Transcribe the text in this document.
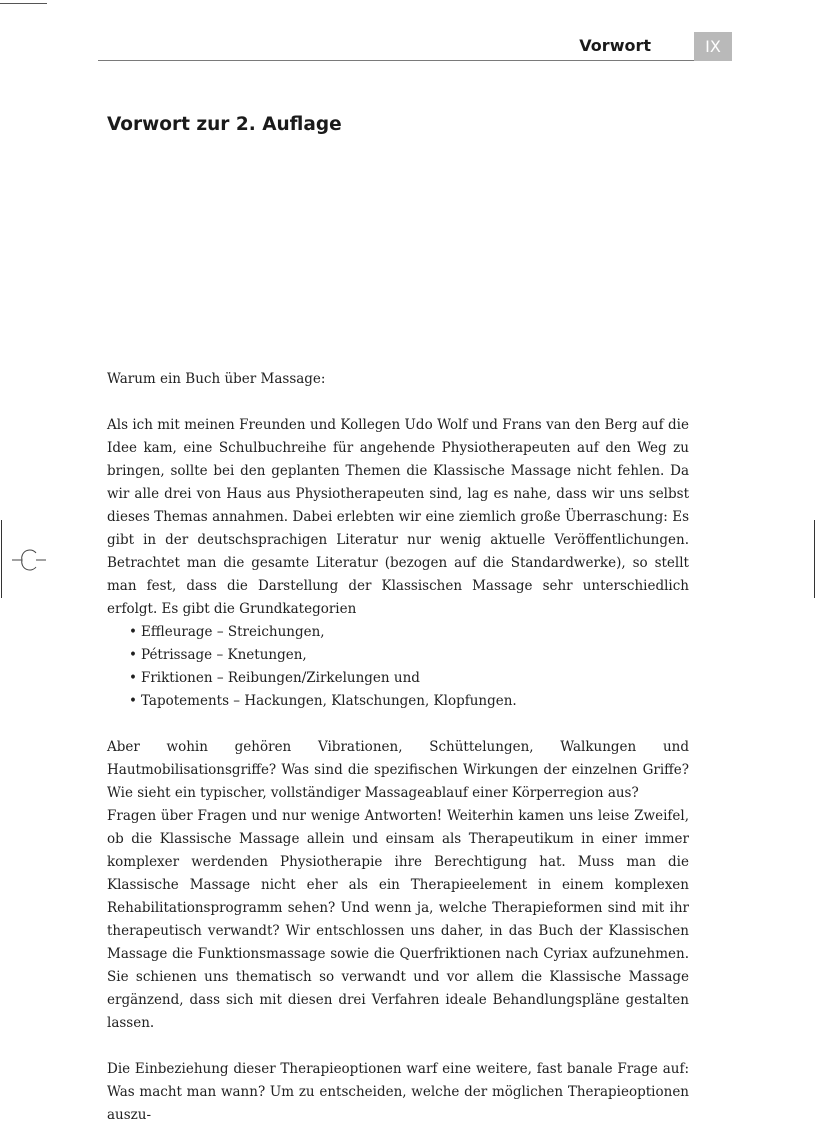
Vorwort	IX
Vorwort zur 2. Auflage

Warum ein Buch über Massage:

Als ich mit meinen Freunden und Kollegen Udo Wolf und Frans van den Berg auf die Idee kam, eine Schulbuchreihe für angehende Physiotherapeuten auf den Weg zu bringen, sollte bei den geplanten Themen die Klassische Massage nicht fehlen. Da wir alle drei von Haus aus Physiotherapeuten sind, lag es nahe, dass wir uns selbst dieses Themas annahmen. Dabei erlebten wir eine ziemlich große Überraschung: Es gibt in der deutschsprachigen Literatur nur wenig aktuelle Veröffentlichungen. Betrachtet man die gesamte Literatur (bezogen auf die Standardwerke), so stellt man fest, dass die Darstellung der Klassischen Massage sehr unterschiedlich erfolgt. Es gibt die Grundkategorien

• Effleurage – Streichungen,
• Pétrissage – Knetungen,
• Friktionen – Reibungen/Zirkelungen und
• Tapotements – Hackungen, Klatschungen, Klopfungen.

Aber wohin gehören Vibrationen, Schüttelungen, Walkungen und Hautmobilisationsgriffe? Was sind die spezifischen Wirkungen der einzelnen Griffe? Wie sieht ein typischer, vollständiger Massageablauf einer Körperregion aus?

Fragen über Fragen und nur wenige Antworten! Weiterhin kamen uns leise Zweifel, ob die Klassische Massage allein und einsam als Therapeutikum in einer immer komplexer werdenden Physiotherapie ihre Berechtigung hat. Muss man die Klassische Massage nicht eher als ein Therapieelement in einem komplexen Rehabilitationsprogramm sehen? Und wenn ja, welche Therapieformen sind mit ihr therapeutisch verwandt? Wir entschlossen uns daher, in das Buch der Klassischen Massage die Funktionsmassage sowie die Querfriktionen nach Cyriax aufzunehmen. Sie schienen uns thematisch so verwandt und vor allem die Klassische Massage ergänzend, dass sich mit diesen drei Verfahren ideale Behandlungspläne gestalten lassen.

Die Einbeziehung dieser Therapieoptionen warf eine weitere, fast banale Frage auf: Was macht man wann? Um zu entscheiden, welche der möglichen Therapieoptionen auszu-
